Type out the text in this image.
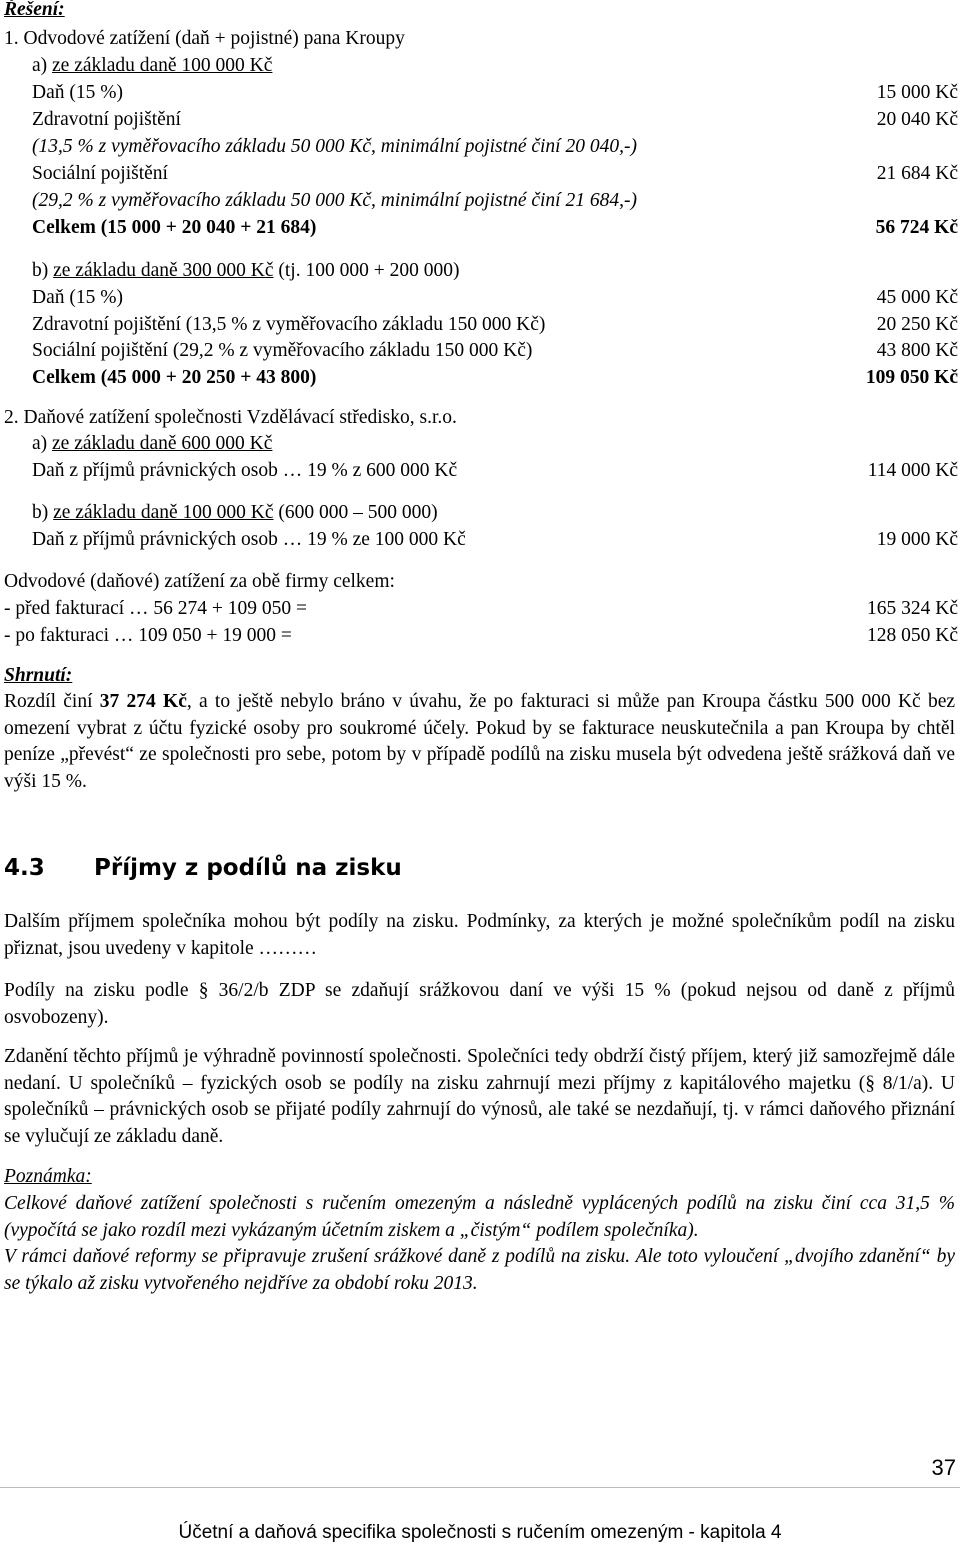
Řešení:
1. Odvodové zatížení (daň + pojistné) pana Kroupy
a) ze základu daně 100 000 Kč
Daň (15 %)	15 000 Kč
Zdravotní pojištění	20 040 Kč
(13,5 % z vyměřovacího základu 50 000 Kč, minimální pojistné činí 20 040,-)
Sociální pojištění	21 684 Kč
(29,2 % z vyměřovacího základu 50 000 Kč, minimální pojistné činí 21 684,-)
Celkem (15 000 + 20 040 + 21 684)	56 724 Kč
b) ze základu daně 300 000 Kč (tj. 100 000 + 200 000)
Daň (15 %)	45 000 Kč
Zdravotní pojištění (13,5 % z vyměřovacího základu 150 000 Kč)	20 250 Kč
Sociální pojištění (29,2 % z vyměřovacího základu 150 000 Kč)	43 800 Kč
Celkem (45 000 + 20 250 + 43 800)	109 050 Kč
2. Daňové zatížení společnosti Vzdělávací středisko, s.r.o.
a) ze základu daně 600 000 Kč
Daň z příjmů právnických osob … 19 % z 600 000 Kč	114 000 Kč
b) ze základu daně 100 000 Kč (600 000 – 500 000)
Daň z příjmů právnických osob … 19 % ze 100 000 Kč	19 000 Kč
Odvodové (daňové) zatížení za obě firmy celkem:
- před fakturací … 56 274 + 109 050 =	165 324 Kč
- po fakturaci … 109 050 + 19 000 =	128 050 Kč
Shrnutí:
Rozdíl činí 37 274 Kč, a to ještě nebylo bráno v úvahu, že po fakturaci si může pan Kroupa částku 500 000 Kč bez omezení vybrat z účtu fyzické osoby pro soukromé účely. Pokud by se fakturace neuskutečnila a pan Kroupa by chtěl peníze „převést“ ze společnosti pro sebe, potom by v případě podílů na zisku musela být odvedena ještě srážková daň ve výši 15 %.
4.3 Příjmy z podílů na zisku
Dalším příjmem společníka mohou být podíly na zisku. Podmínky, za kterých je možné společníkům podíl na zisku přiznat, jsou uvedeny v kapitole ………
Podíly na zisku podle § 36/2/b ZDP se zdaňují srážkovou daní ve výši 15 % (pokud nejsou od daně z příjmů osvobozeny).
Zdanění těchto příjmů je výhradně povinností společnosti. Společníci tedy obdrží čistý příjem, který již samozřejmě dále nedaní. U společníků – fyzických osob se podíly na zisku zahrnují mezi příjmy z kapitálového majetku (§ 8/1/a). U společníků – právnických osob se přijaté podíly zahrnují do výnosů, ale také se nezdaňují, tj. v rámci daňového přiznání se vylučují ze základu daně.
Poznámka:
Celkové daňové zatížení společnosti s ručením omezeným a následně vyplácených podílů na zisku činí cca 31,5 % (vypočítá se jako rozdíl mezi vykázaným účetním ziskem a „čistým“ podílem společníka).
V rámci daňové reformy se připravuje zrušení srážkové daně z podílů na zisku. Ale toto vyloučení „dvojího zdanění“ by se týkalo až zisku vytvořeného nejdříve za období roku 2013.
37
Účetní a daňová specifika společnosti s ručením omezeným - kapitola 4
